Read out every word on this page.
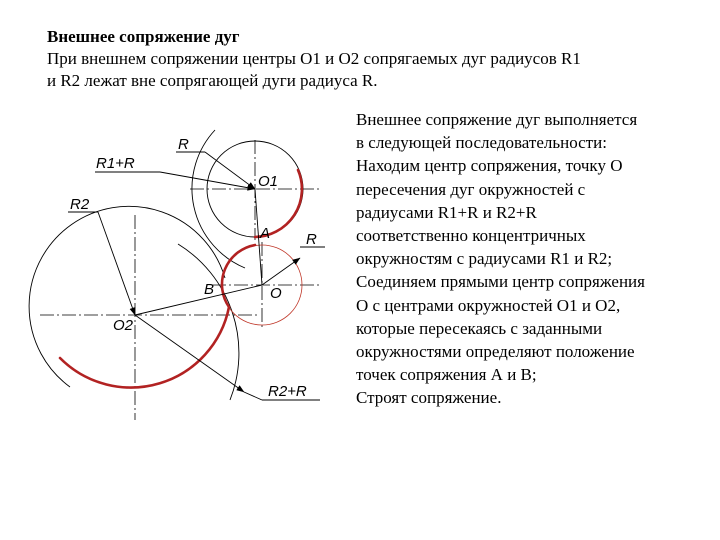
Внешнее сопряжение дуг
При внешнем сопряжении центры О1 и О2 сопрягаемых дуг радиусов R1
и R2 лежат вне сопрягающей дуги радиуса R.
Внешнее сопряжение дуг выполняется
в следующей последовательности:
Находим центр сопряжения, точку О
пересечения дуг окружностей с
радиусами R1+R и R2+R
соответственно концентричных
окружностям с радиусами R1 и R2;
Соединяем прямыми центр сопряжения
О с центрами окружностей О1 и О2,
которые пересекаясь с заданными
окружностями определяют положение
точек сопряжения А и В;
Строят сопряжение.
R1+R
R
R2
R
R2+R
O1
O2
O
A
B
